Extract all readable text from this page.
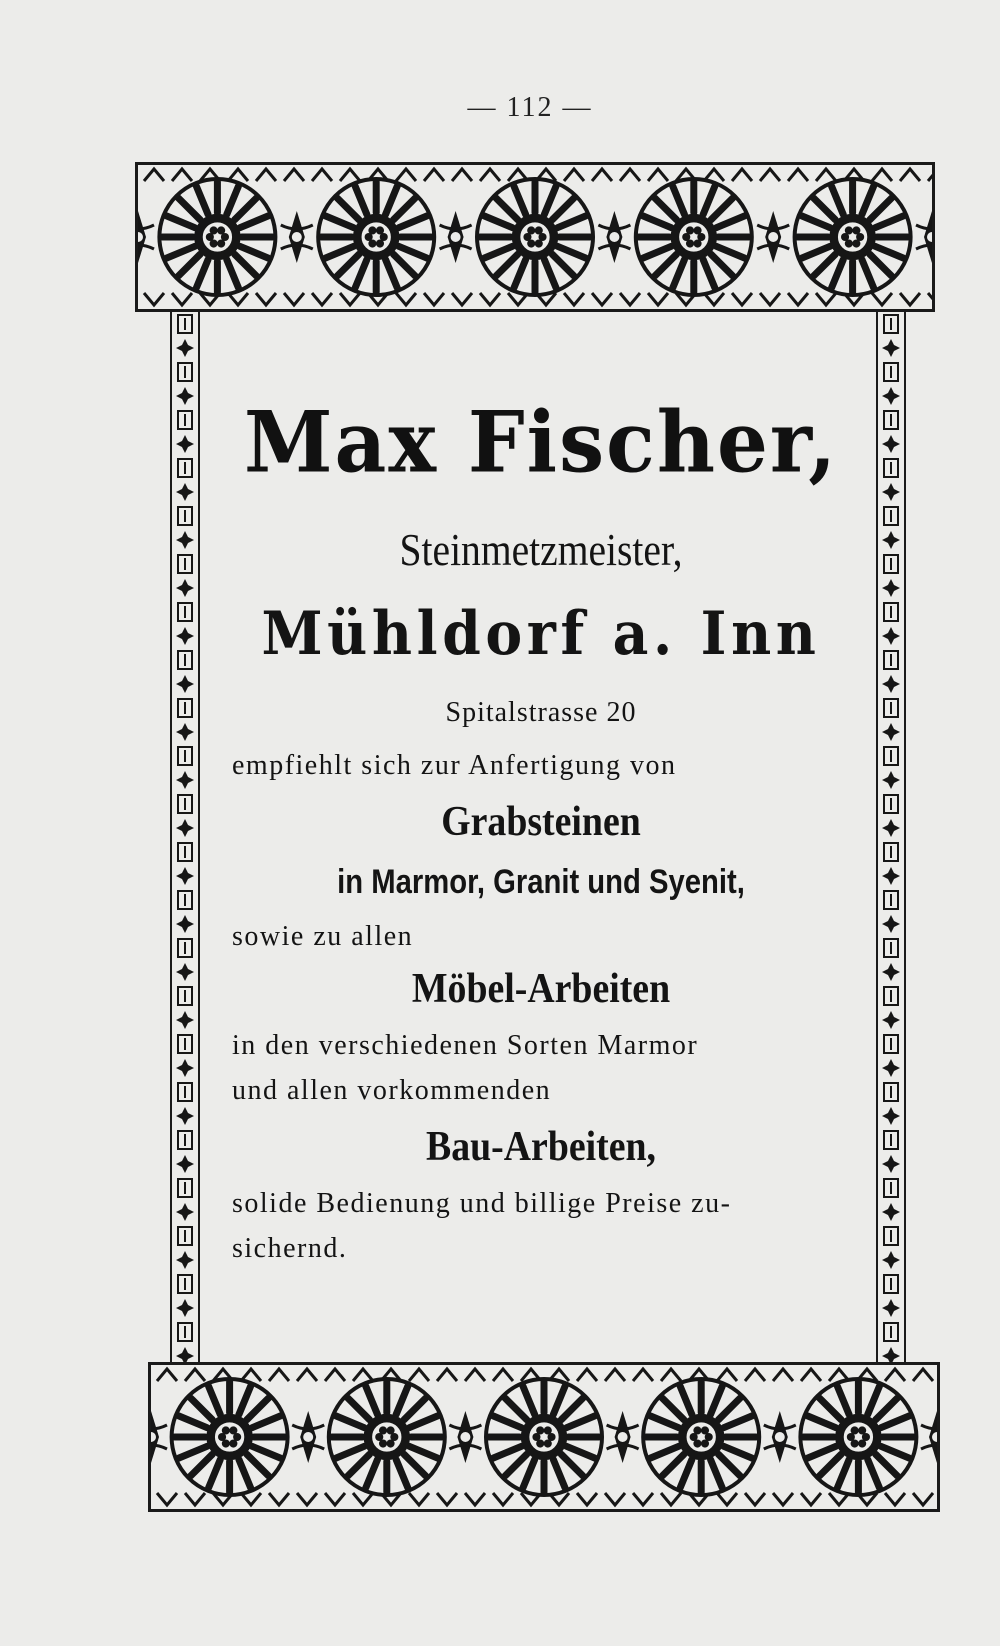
— 112 —
Max Fischer,
Steinmetzmeister,
Mühldorf a. Inn
Spitalstrasse 20
empfiehlt sich zur Anfertigung von
Grabsteinen
in Marmor, Granit und Syenit,
sowie zu allen
Möbel-Arbeiten
in den verschiedenen Sorten Marmor
und allen vorkommenden
Bau-Arbeiten,
solide Bedienung und billige Preise zu-
sichernd.
